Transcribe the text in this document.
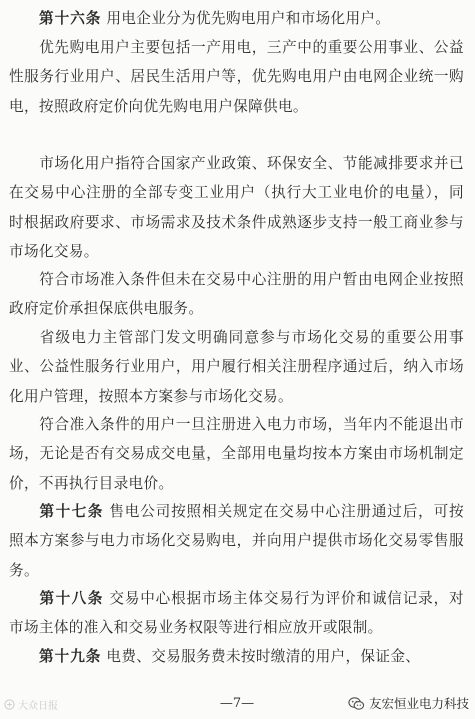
第十六条 用电企业分为优先购电用户和市场化用户。

优先购电用户主要包括一产用电，三产中的重要公用事业、公益性服务行业用户、居民生活用户等，优先购电用户由电网企业统一购电，按照政府定价向优先购电用户保障供电。

市场化用户指符合国家产业政策、环保安全、节能减排要求并已在交易中心注册的全部专变工业用户（执行大工业电价的电量），同时根据政府要求、市场需求及技术条件成熟逐步支持一般工商业参与市场化交易。

符合市场准入条件但未在交易中心注册的用户暂由电网企业按照政府定价承担保底供电服务。

省级电力主管部门发文明确同意参与市场化交易的重要公用事业、公益性服务行业用户，用户履行相关注册程序通过后，纳入市场化用户管理，按照本方案参与市场化交易。

符合准入条件的用户一旦注册进入电力市场，当年内不能退出市场，无论是否有交易成交电量，全部用电量均按本方案由市场机制定价，不再执行目录电价。

第十七条 售电公司按照相关规定在交易中心注册通过后，可按照本方案参与电力市场化交易购电，并向用户提供市场化交易零售服务。

第十八条 交易中心根据市场主体交易行为评价和诚信记录，对市场主体的准入和交易业务权限等进行相应放开或限制。

第十九条 电费、交易服务费未按时缴清的用户，保证金、

大众日报	—7—	友宏恒业电力科技
